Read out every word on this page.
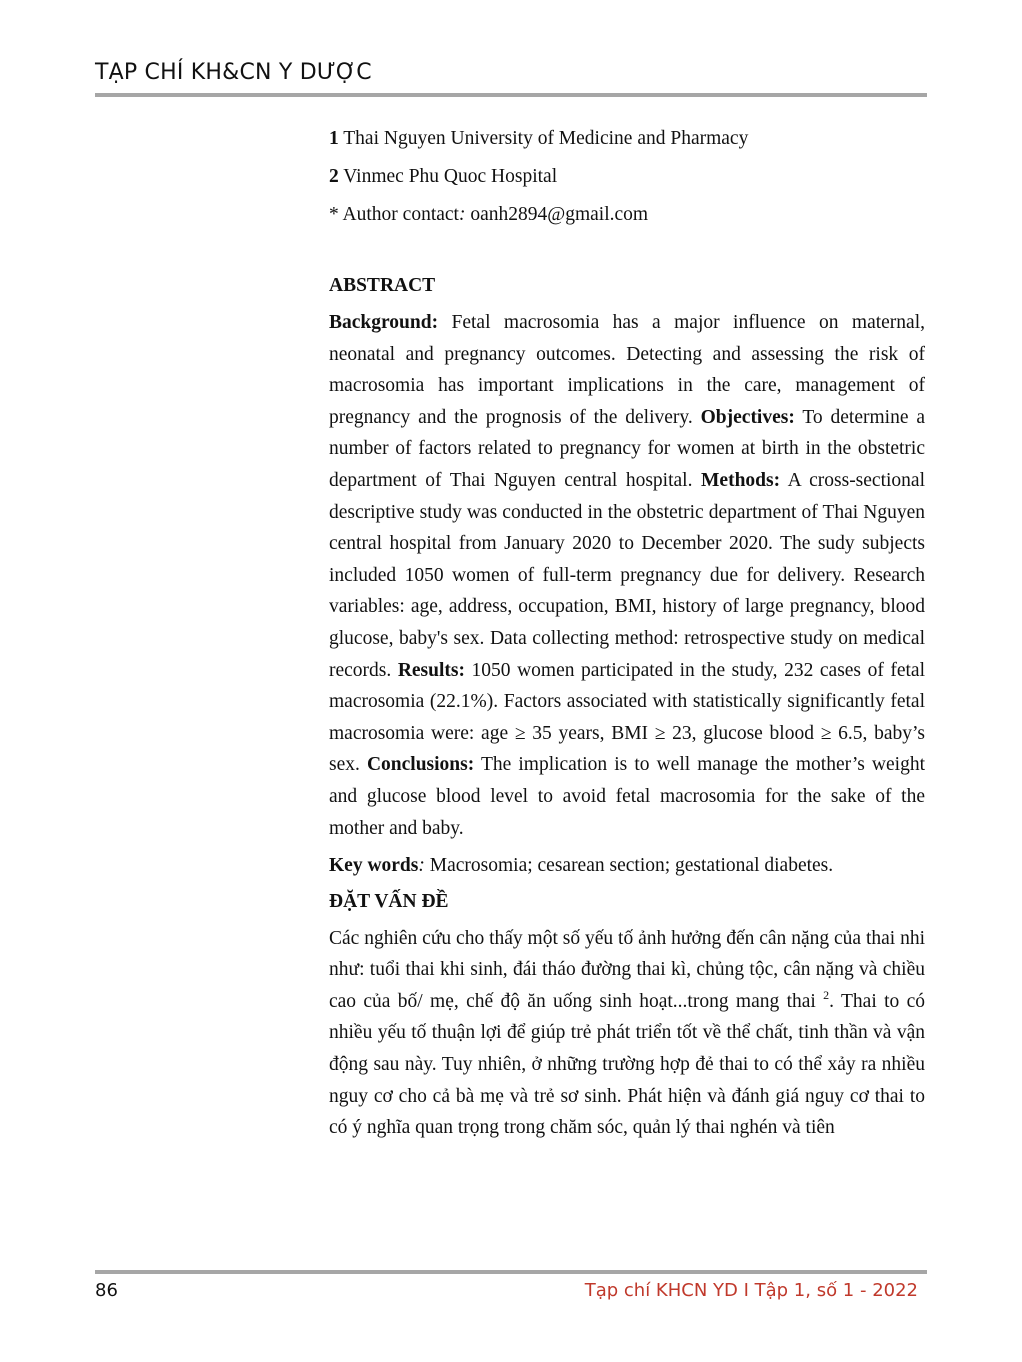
TẠP CHÍ KH&CN Y DƯỢC
1 Thai Nguyen University of Medicine and Pharmacy
2 Vinmec Phu Quoc Hospital
* Author contact: oanh2894@gmail.com
ABSTRACT

Background: Fetal macrosomia has a major influence on maternal, neonatal and pregnancy outcomes. Detecting and assessing the risk of macrosomia has important implications in the care, management of pregnancy and the prognosis of the delivery. Objectives: To determine a number of factors related to pregnancy for women at birth in the obstetric department of Thai Nguyen central hospital. Methods: A cross-sectional descriptive study was conducted in the obstetric department of Thai Nguyen central hospital from January 2020 to December 2020. The sudy subjects included 1050 women of full-term pregnancy due for delivery. Research variables: age, address, occupation, BMI, history of large pregnancy, blood glucose, baby's sex. Data collecting method: retrospective study on medical records. Results: 1050 women participated in the study, 232 cases of fetal macrosomia (22.1%). Factors associated with statistically significantly fetal macrosomia were: age ≥ 35 years, BMI ≥ 23, glucose blood ≥ 6.5, baby’s sex. Conclusions: The implication is to well manage the mother’s weight and glucose blood level to avoid fetal macrosomia for the sake of the mother and baby.

Key words: Macrosomia; cesarean section; gestational diabetes.

ĐẶT VẤN ĐỀ

Các nghiên cứu cho thấy một số yếu tố ảnh hưởng đến cân nặng của thai nhi như: tuổi thai khi sinh, đái tháo đường thai kì, chủng tộc, cân nặng và chiều cao của bố/ mẹ, chế độ ăn uống sinh hoạt...trong mang thai $^2$. Thai to có nhiều yếu tố thuận lợi để giúp trẻ phát triển tốt về thể chất, tinh thần và vận động sau này. Tuy nhiên, ở những trường hợp đẻ thai to có thể xảy ra nhiều nguy cơ cho cả bà mẹ và trẻ sơ sinh. Phát hiện và đánh giá nguy cơ thai to có ý nghĩa quan trọng trong chăm sóc, quản lý thai nghén và tiên

86	Tạp chí KHCN YD I Tập 1, số 1 - 2022
